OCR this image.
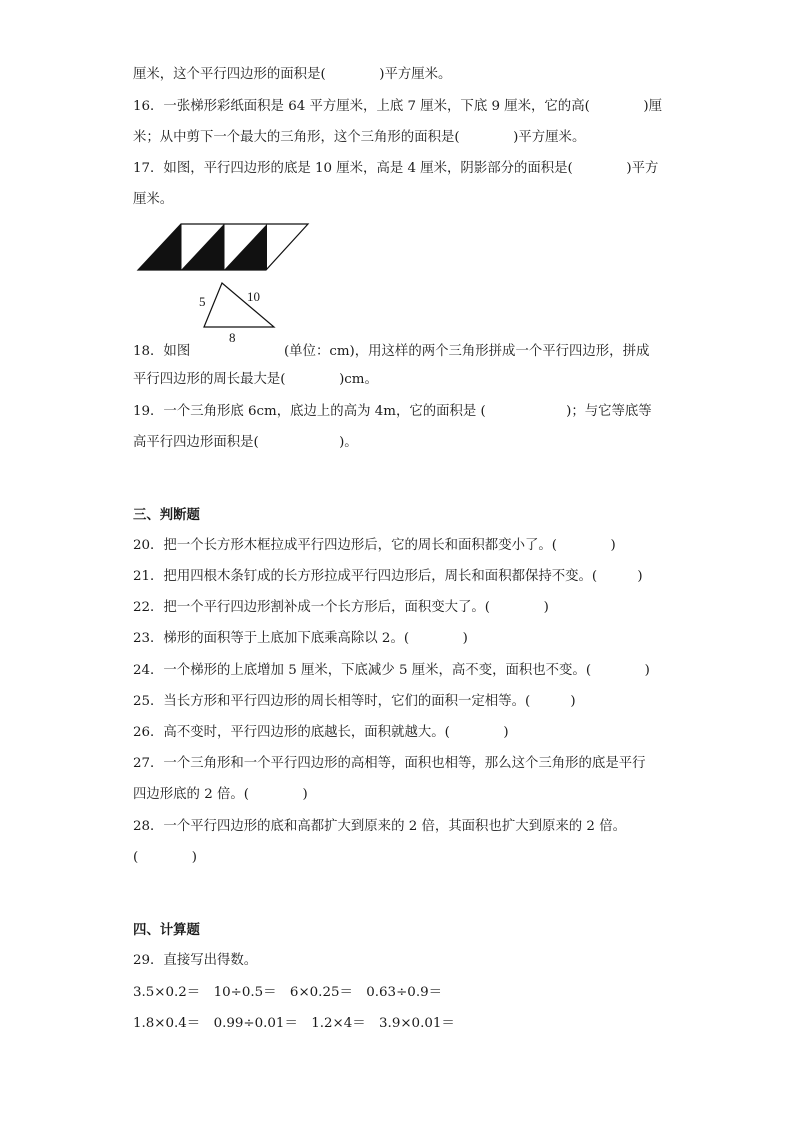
厘米，这个平行四边形的面积是(　　　　)平方厘米。
16．一张梯形彩纸面积是 64 平方厘米，上底 7 厘米，下底 9 厘米，它的高(　　　　)厘
米；从中剪下一个最大的三角形，这个三角形的面积是(　　　　)平方厘米。
17．如图，平行四边形的底是 10 厘米，高是 4 厘米，阴影部分的面积是(　　　　)平方
厘米。
5	10
8
18．如图　　　　　　　(单位：cm)，用这样的两个三角形拼成一个平行四边形，拼成
平行四边形的周长最大是(　　　　)cm。
19．一个三角形底 6cm，底边上的高为 4m，它的面积是 (　　　　　　)；与它等底等
高平行四边形面积是(　　　　　　)。
三、判断题
20．把一个长方形木框拉成平行四边形后，它的周长和面积都变小了。(　　　　)
21．把用四根木条钉成的长方形拉成平行四边形后，周长和面积都保持不变。(　　　)
22．把一个平行四边形割补成一个长方形后，面积变大了。(　　　　)
23．梯形的面积等于上底加下底乘高除以 2。(　　　　)
24．一个梯形的上底增加 5 厘米，下底减少 5 厘米，高不变，面积也不变。(　　　　)
25．当长方形和平行四边形的周长相等时，它们的面积一定相等。(　　　)
26．高不变时，平行四边形的底越长，面积就越大。(　　　　)
27．一个三角形和一个平行四边形的高相等，面积也相等，那么这个三角形的底是平行
四边形底的 2 倍。(　　　　)
28．一个平行四边形的底和高都扩大到原来的 2 倍，其面积也扩大到原来的 2 倍。
(　　　　)
四、计算题
29．直接写出得数。
3.5×0.2＝　10÷0.5＝　6×0.25＝　0.63÷0.9＝
1.8×0.4＝　0.99÷0.01＝　1.2×4＝　3.9×0.01＝
